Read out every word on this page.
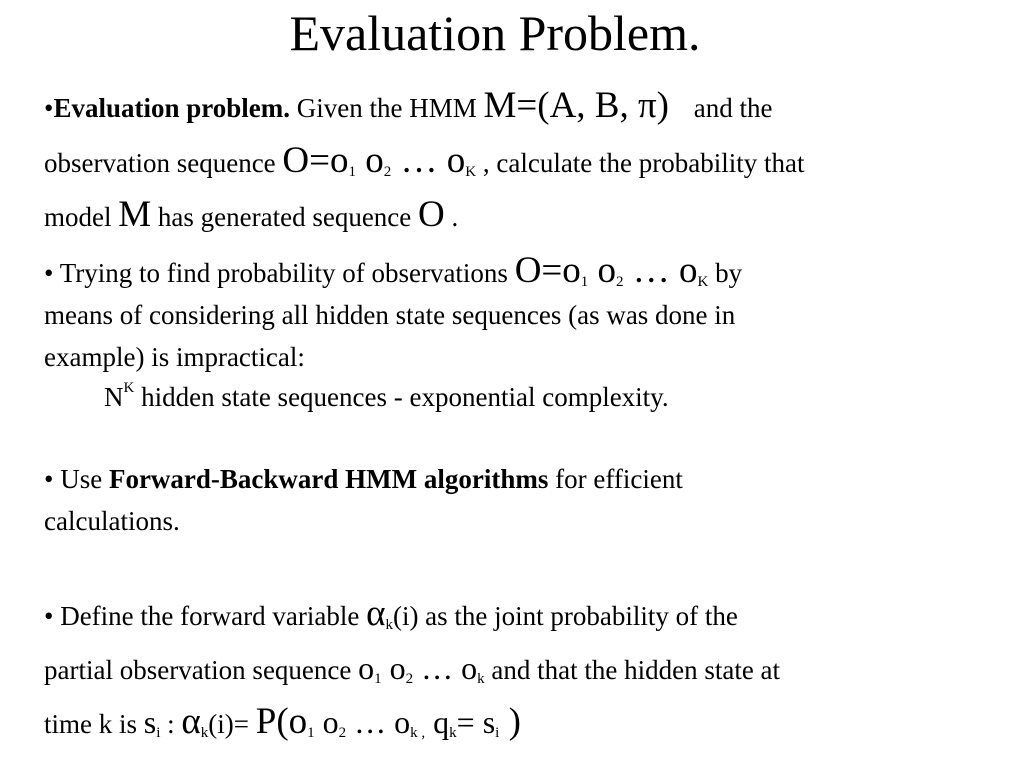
Evaluation Problem.
•Evaluation problem. Given the HMM M=(A, B, π) and the
observation sequence $O=o_1$ $o_2$ … $o_K$ , calculate the probability that
model M has generated sequence O .
• Trying to find probability of observations $O=o_1$ $o_2$ … $o_K$ by
means of considering all hidden state sequences (as was done in
example) is impractical:
$N^K$ hidden state sequences - exponential complexity.
• Use Forward-Backward HMM algorithms for efficient
calculations.
• Define the forward variable $\alpha_k(i)$ as the joint probability of the
partial observation sequence $o_1$ $o_2$ … $o_k$ and that the hidden state at
time k is $s_i$ : $\alpha_k(i)= P(o_1$ $o_2$ … $o_{k ,}$ $q_k= s_i$ )
